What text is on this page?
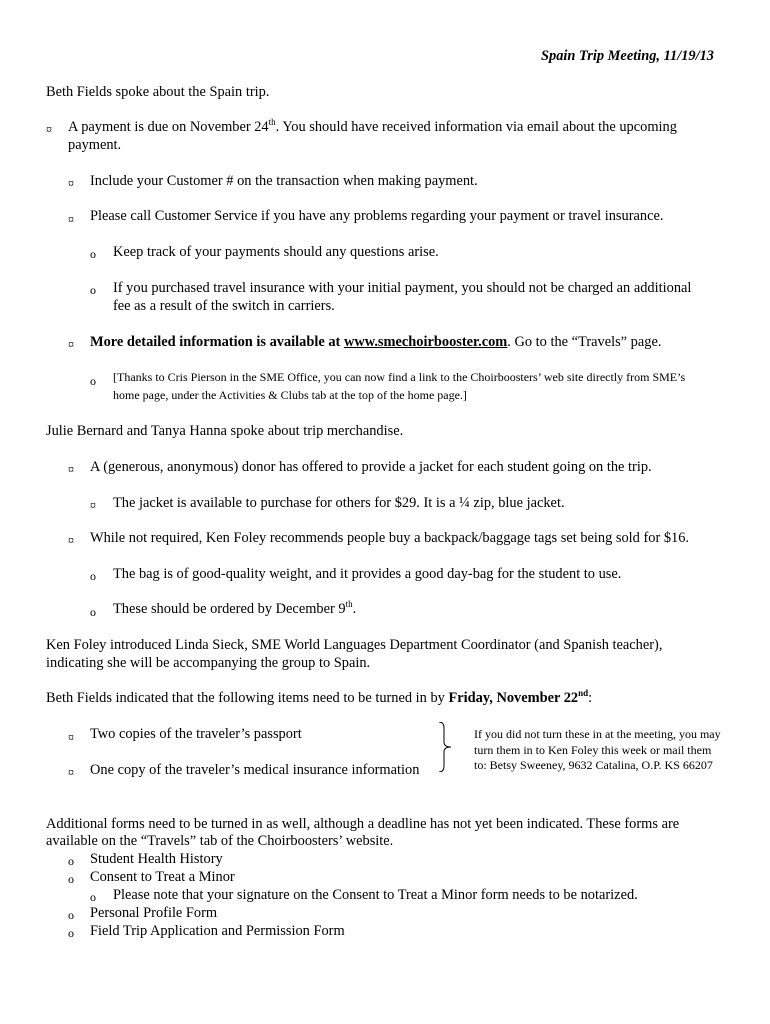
Spain Trip Meeting, 11/19/13
Beth Fields spoke about the Spain trip.
¤ A payment is due on November 24th. You should have received information via email about the upcoming
payment.
¤ Include your Customer # on the transaction when making payment.
¤ Please call Customer Service if you have any problems regarding your payment or travel insurance.
o Keep track of your payments should any questions arise.
o If you purchased travel insurance with your initial payment, you should not be charged an additional
fee as a result of the switch in carriers.
¤ More detailed information is available at www.smechoirbooster.com. Go to the “Travels” page.
o [Thanks to Cris Pierson in the SME Office, you can now find a link to the Choirboosters’ web site directly from SME’s
home page, under the Activities & Clubs tab at the top of the home page.]
Julie Bernard and Tanya Hanna spoke about trip merchandise.
¤ A (generous, anonymous) donor has offered to provide a jacket for each student going on the trip.
¤ The jacket is available to purchase for others for $29. It is a ¼ zip, blue jacket.
¤ While not required, Ken Foley recommends people buy a backpack/baggage tags set being sold for $16.
o The bag is of good-quality weight, and it provides a good day-bag for the student to use.
o These should be ordered by December 9th.
Ken Foley introduced Linda Sieck, SME World Languages Department Coordinator (and Spanish teacher),
indicating she will be accompanying the group to Spain.
Beth Fields indicated that the following items need to be turned in by Friday, November 22nd:
¤ Two copies of the traveler’s passport
¤ One copy of the traveler’s medical insurance information
If you did not turn these in at the meeting, you may
turn them in to Ken Foley this week or mail them
to: Betsy Sweeney, 9632 Catalina, O.P. KS 66207
Additional forms need to be turned in as well, although a deadline has not yet been indicated. These forms are
available on the “Travels” tab of the Choirboosters’ website.
o Student Health History
o Consent to Treat a Minor
o Please note that your signature on the Consent to Treat a Minor form needs to be notarized.
o Personal Profile Form
o Field Trip Application and Permission Form
